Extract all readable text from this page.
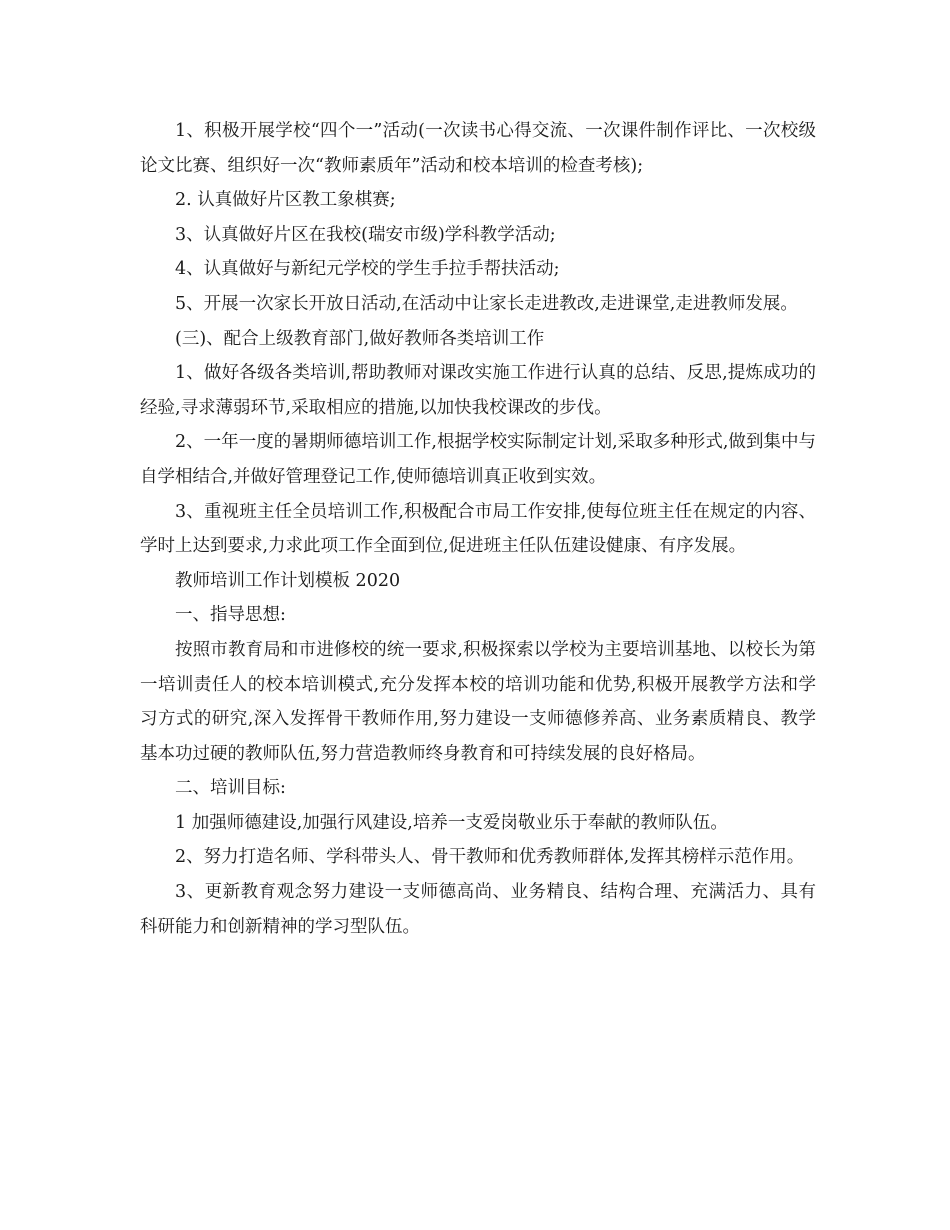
1、积极开展学校“四个一”活动(一次读书心得交流、一次课件制作评比、一次校级论文比赛、组织好一次“教师素质年”活动和校本培训的检查考核);

2. 认真做好片区教工象棋赛;

3、认真做好片区在我校(瑞安市级)学科教学活动;

4、认真做好与新纪元学校的学生手拉手帮扶活动;

5、开展一次家长开放日活动,在活动中让家长走进教改,走进课堂,走进教师发展。

(三)、配合上级教育部门,做好教师各类培训工作

1、做好各级各类培训,帮助教师对课改实施工作进行认真的总结、反思,提炼成功的经验,寻求薄弱环节,采取相应的措施,以加快我校课改的步伐。

2、一年一度的暑期师德培训工作,根据学校实际制定计划,采取多种形式,做到集中与自学相结合,并做好管理登记工作,使师德培训真正收到实效。

3、重视班主任全员培训工作,积极配合市局工作安排,使每位班主任在规定的内容、学时上达到要求,力求此项工作全面到位,促进班主任队伍建设健康、有序发展。

教师培训工作计划模板 2020

一、指导思想:

按照市教育局和市进修校的统一要求,积极探索以学校为主要培训基地、以校长为第一培训责任人的校本培训模式,充分发挥本校的培训功能和优势,积极开展教学方法和学习方式的研究,深入发挥骨干教师作用,努力建设一支师德修养高、业务素质精良、教学基本功过硬的教师队伍,努力营造教师终身教育和可持续发展的良好格局。

二、培训目标:

1 加强师德建设,加强行风建设,培养一支爱岗敬业乐于奉献的教师队伍。

2、努力打造名师、学科带头人、骨干教师和优秀教师群体,发挥其榜样示范作用。

3、更新教育观念努力建设一支师德高尚、业务精良、结构合理、充满活力、具有科研能力和创新精神的学习型队伍。
